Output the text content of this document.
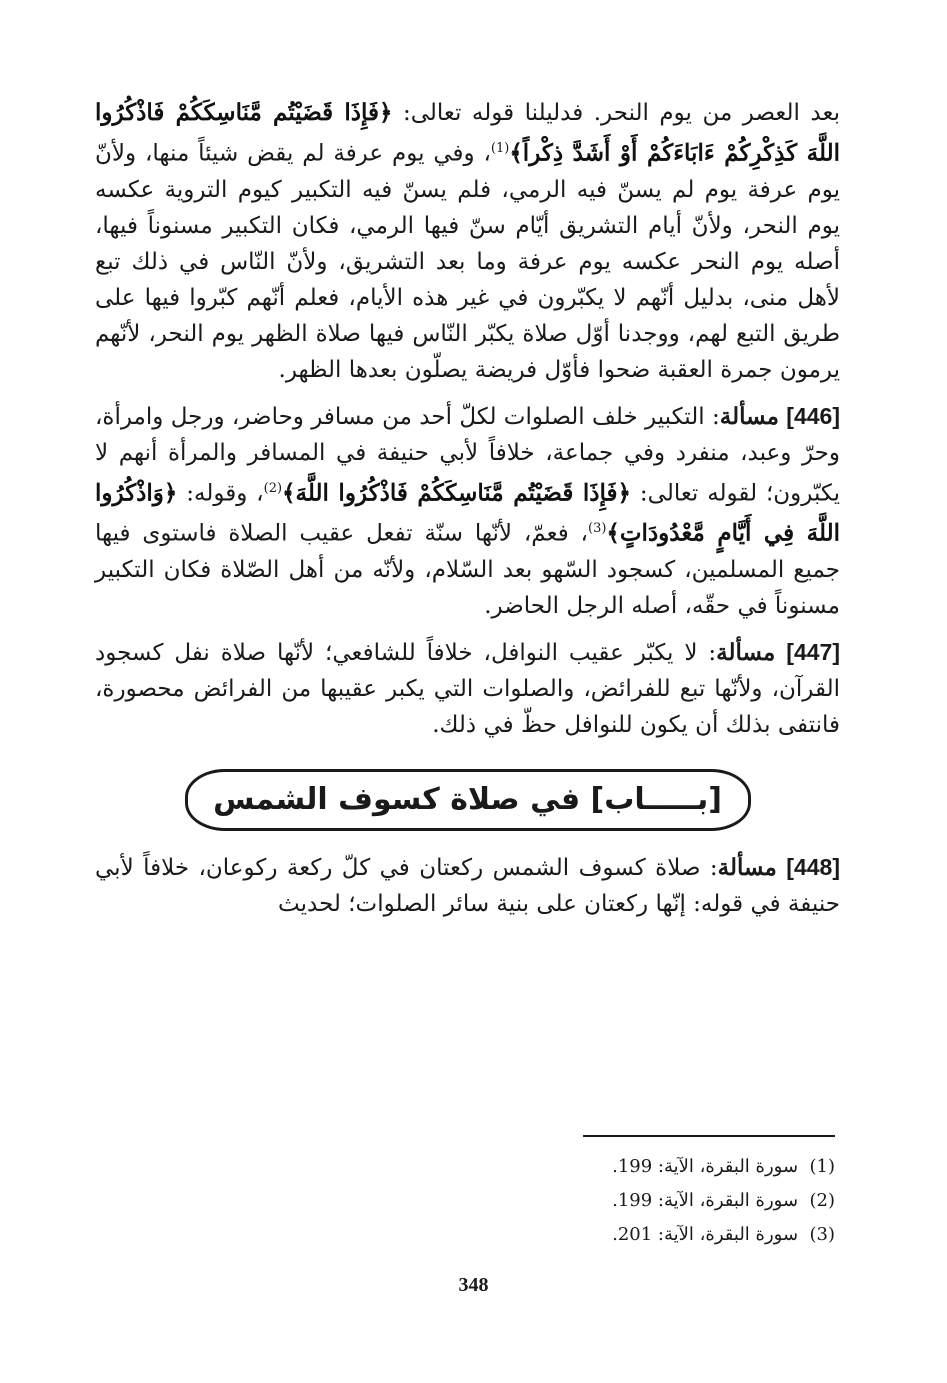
بعد العصر من يوم النحر. فدليلنا قوله تعالى: ﴿فَإِذَا قَضَيْتُم مَّنَاسِكَكُمْ فَاذْكُرُوا اللَّهَ كَذِكْرِكُمْ ءَابَاءَكُمْ أَوْ أَشَدَّ ذِكْراً﴾$^{(1)}$، وفي يوم عرفة لم يقض شيئاً منها، ولأنّ يوم عرفة يوم لم يسنّ فيه الرمي، فلم يسنّ فيه التكبير كيوم التروية عكسه يوم النحر، ولأنّ أيام التشريق أيّام سنّ فيها الرمي، فكان التكبير مسنوناً فيها، أصله يوم النحر عكسه يوم عرفة وما بعد التشريق، ولأنّ النّاس في ذلك تبع لأهل منى، بدليل أنّهم لا يكبّرون في غير هذه الأيام، فعلم أنّهم كبّروا فيها على طريق التبع لهم، ووجدنا أوّل صلاة يكبّر النّاس فيها صلاة الظهر يوم النحر، لأنّهم يرمون جمرة العقبة ضحوا فأوّل فريضة يصلّون بعدها الظهر.

[446] مسألة: التكبير خلف الصلوات لكلّ أحد من مسافر وحاضر، ورجل وامرأة، وحرّ وعبد، منفرد وفي جماعة، خلافاً لأبي حنيفة في المسافر والمرأة أنهم لا يكبّرون؛ لقوله تعالى: ﴿فَإِذَا قَضَيْتُم مَّنَاسِكَكُمْ فَاذْكُرُوا اللَّهَ﴾$^{(2)}$، وقوله: ﴿وَاذْكُرُوا اللَّهَ فِي أَيَّامٍ مَّعْدُودَاتٍ﴾$^{(3)}$، فعمّ، لأنّها سنّة تفعل عقيب الصلاة فاستوى فيها جميع المسلمين، كسجود السّهو بعد السّلام، ولأنّه من أهل الصّلاة فكان التكبير مسنوناً في حقّه، أصله الرجل الحاضر.

[447] مسألة: لا يكبّر عقيب النوافل، خلافاً للشافعي؛ لأنّها صلاة نفل كسجود القرآن، ولأنّها تبع للفرائض، والصلوات التي يكبر عقيبها من الفرائض محصورة، فانتفى بذلك أن يكون للنوافل حظّ في ذلك.

[بـــــاب] في صلاة كسوف الشمس

[448] مسألة: صلاة كسوف الشمس ركعتان في كلّ ركعة ركوعان، خلافاً لأبي حنيفة في قوله: إنّها ركعتان على بنية سائر الصلوات؛ لحديث

(1)  سورة البقرة، الآية: 199.
(2)  سورة البقرة، الآية: 199.
(3)  سورة البقرة، الآية: 201.
348
